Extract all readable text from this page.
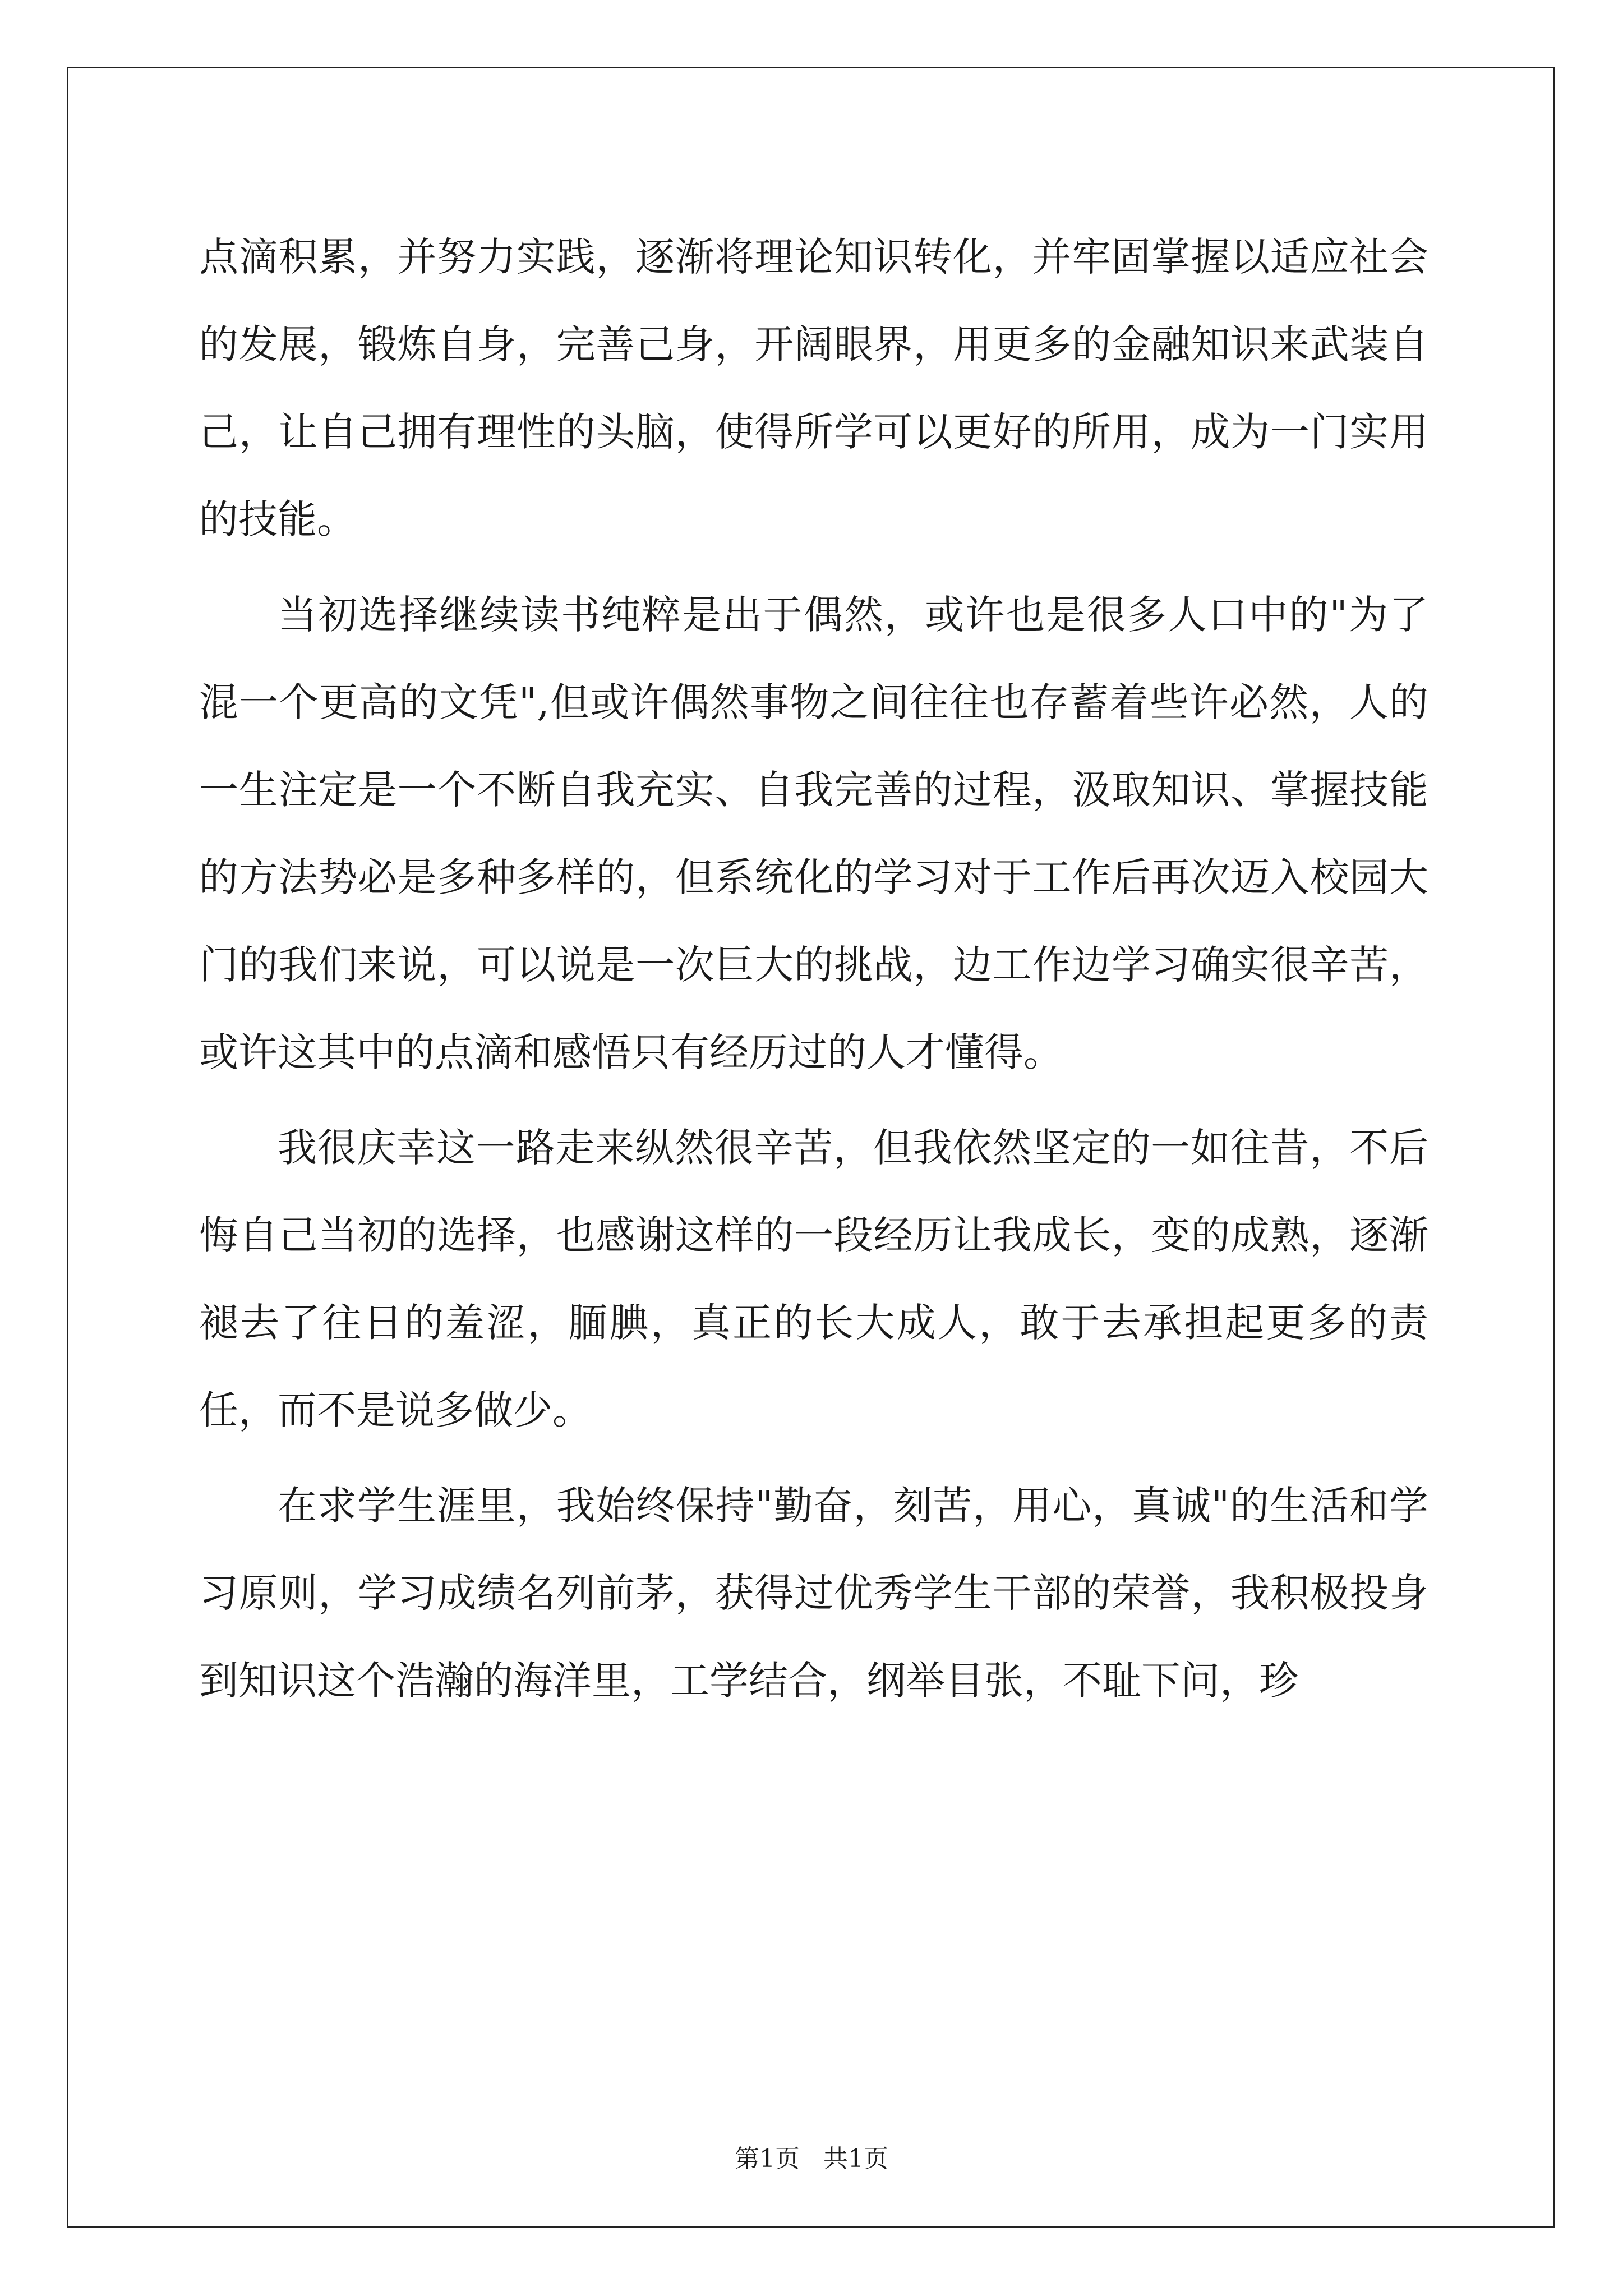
点滴积累，并努力实践，逐渐将理论知识转化，并牢固掌握以适应社会的发展，锻炼自身，完善己身，开阔眼界，用更多的金融知识来武装自己，让自己拥有理性的头脑，使得所学可以更好的所用，成为一门实用的技能。

当初选择继续读书纯粹是出于偶然，或许也是很多人口中的"为了混一个更高的文凭",但或许偶然事物之间往往也存蓄着些许必然，人的一生注定是一个不断自我充实、自我完善的过程，汲取知识、掌握技能的方法势必是多种多样的，但系统化的学习对于工作后再次迈入校园大门的我们来说，可以说是一次巨大的挑战，边工作边学习确实很辛苦，或许这其中的点滴和感悟只有经历过的人才懂得。

我很庆幸这一路走来纵然很辛苦，但我依然坚定的一如往昔，不后悔自己当初的选择，也感谢这样的一段经历让我成长，变的成熟，逐渐褪去了往日的羞涩，腼腆，真正的长大成人，敢于去承担起更多的责任，而不是说多做少。

在求学生涯里，我始终保持"勤奋，刻苦，用心，真诚"的生活和学习原则，学习成绩名列前茅，获得过优秀学生干部的荣誉，我积极投身到知识这个浩瀚的海洋里，工学结合，纲举目张，不耻下问，珍

第1页   共1页
